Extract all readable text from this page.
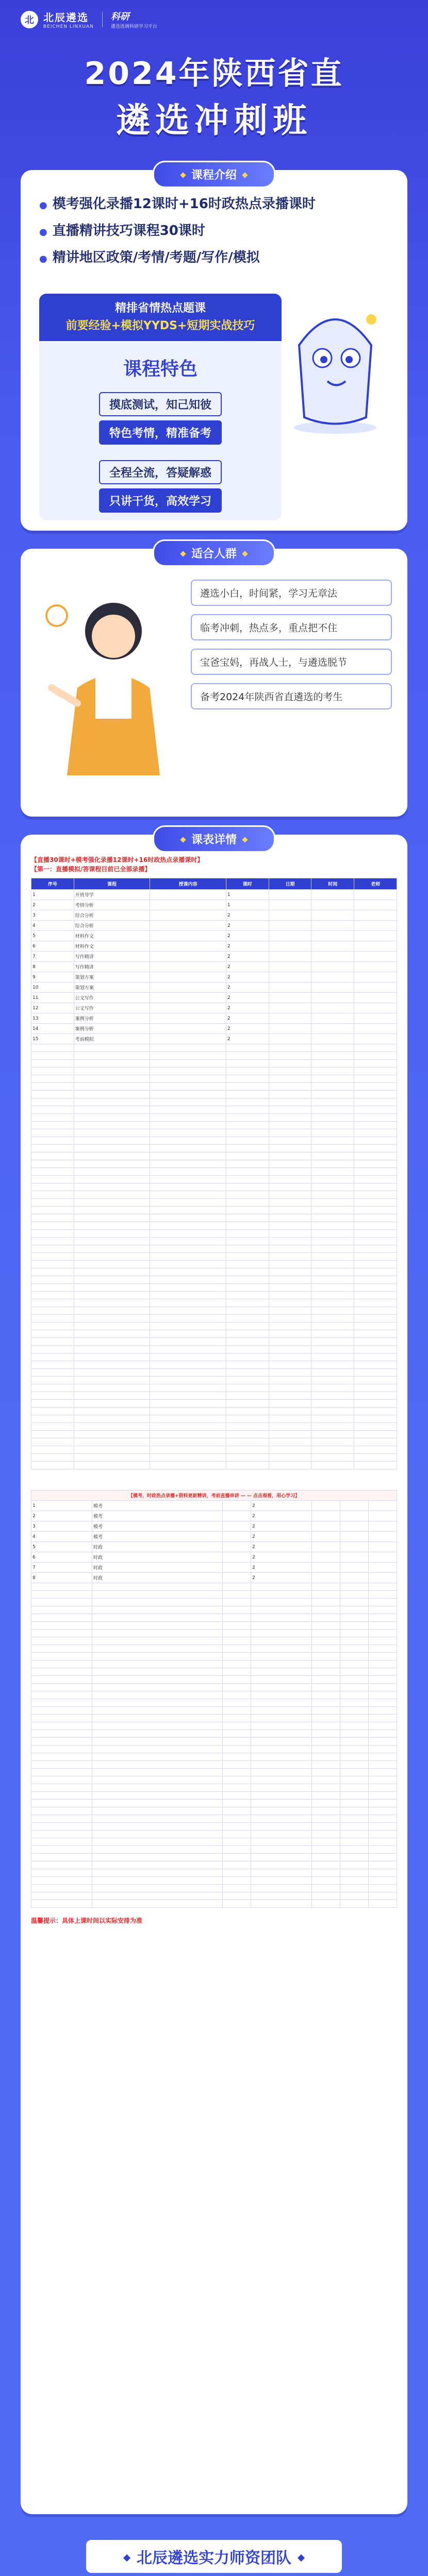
北 北辰遴选
BEICHEN LINXUAN
科研
遴选选调科研学习平台
2024年陕西省直
遴选冲刺班
课程介绍
● 模考强化录播12课时+16时政热点录播课时
● 直播精讲技巧课程30课时
● 精讲地区政策/考情/考题/写作/模拟
精排省情热点题课
前要经验+模拟YYDS+短期实战技巧
课程特色
摸底测试，知己知彼
特色考情，精准备考
全程全流，答疑解惑
只讲干货，高效学习
适合人群
遴选小白，时间紧，学习无章法
临考冲刺，热点多，重点把不住
宝爸宝妈，再战人士，与遴选脱节
备考2024年陕西省直遴选的考生
课表详情
【直播30课时+模考强化录播12课时+16时政热点录播课时】
【第一：直播模拟/答课程目前已全部录播】
序号	课程	授课内容	课时	日期	时间	老师
1	开班导学		1			
2	考情分析		1			
3	综合分析		2			
4	综合分析		2			
5	材料作文		2			
6	材料作文		2			
7	写作精讲		2			
8	写作精讲		2			
9	策划方案		2			
10	策划方案		2			
11	公文写作		2			
12	公文写作		2			
13	案例分析		2			
14	案例分析		2			
15	考前模拟		2			

【模考，时政热点录播+资料更新精讲，考前直播串讲 — — 点击观看，用心学习】						
1	模考		2			
2	模考		2			
3	模考		2			
4	模考		2			
5	时政		2			
6	时政		2			
7	时政		2			
8	时政		2			

温馨提示：具体上课时间以实际安排为准
北辰遴选实力师资团队
